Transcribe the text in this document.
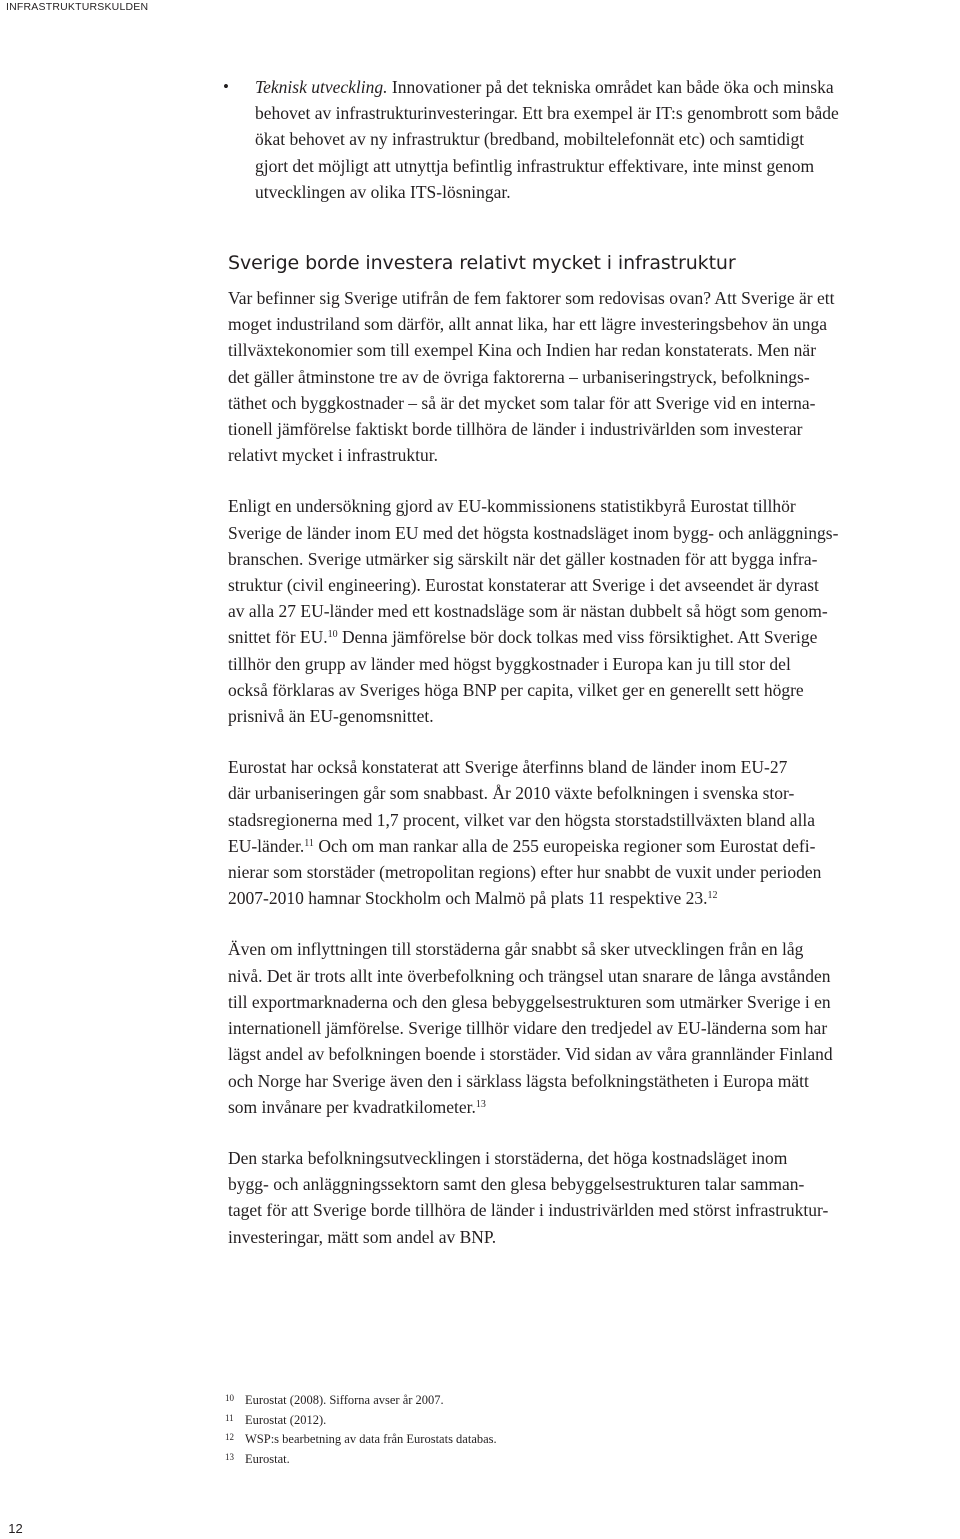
INFRASTRUKTURSKULDEN
•	Teknisk utveckling. Innovationer på det tekniska området kan både öka och minska
behovet av infrastrukturinvesteringar. Ett bra exempel är IT:s genombrott som både
ökat behovet av ny infrastruktur (bredband, mobiltelefonnät etc) och samtidigt
gjort det möjligt att utnyttja befintlig infrastruktur effektivare, inte minst genom
utvecklingen av olika ITS-lösningar.

Sverige borde investera relativt mycket i infrastruktur

Var befinner sig Sverige utifrån de fem faktorer som redovisas ovan? Att Sverige är ett
moget industriland som därför, allt annat lika, har ett lägre investeringsbehov än unga
tillväxtekonomier som till exempel Kina och Indien har redan konstaterats. Men när
det gäller åtminstone tre av de övriga faktorerna – urbaniseringstryck, befolknings-
täthet och byggkostnader – så är det mycket som talar för att Sverige vid en interna-
tionell jämförelse faktiskt borde tillhöra de länder i industrivärlden som investerar
relativt mycket i infrastruktur.

Enligt en undersökning gjord av EU-kommissionens statistikbyrå Eurostat tillhör
Sverige de länder inom EU med det högsta kostnadsläget inom bygg- och anläggnings-
branschen. Sverige utmärker sig särskilt när det gäller kostnaden för att bygga infra-
struktur (civil engineering). Eurostat konstaterar att Sverige i det avseendet är dyrast
av alla 27 EU-länder med ett kostnadsläge som är nästan dubbelt så högt som genom-
snittet för EU.$^{10}$ Denna jämförelse bör dock tolkas med viss försiktighet. Att Sverige
tillhör den grupp av länder med högst byggkostnader i Europa kan ju till stor del
också förklaras av Sveriges höga BNP per capita, vilket ger en generellt sett högre
prisnivå än EU-genomsnittet.

Eurostat har också konstaterat att Sverige återfinns bland de länder inom EU-27
där urbaniseringen går som snabbast. År 2010 växte befolkningen i svenska stor-
stadsregionerna med 1,7 procent, vilket var den högsta storstadstillväxten bland alla
EU-länder.$^{11}$ Och om man rankar alla de 255 europeiska regioner som Eurostat defi-
nierar som storstäder (metropolitan regions) efter hur snabbt de vuxit under perioden
2007-2010 hamnar Stockholm och Malmö på plats 11 respektive 23.12

Även om inflyttningen till storstäderna går snabbt så sker utvecklingen från en låg
nivå. Det är trots allt inte överbefolkning och trängsel utan snarare de långa avstånden
till exportmarknaderna och den glesa bebyggelsestrukturen som utmärker Sverige i en
internationell jämförelse. Sverige tillhör vidare den tredjedel av EU-länderna som har
lägst andel av befolkningen boende i storstäder. Vid sidan av våra grannländer Finland
och Norge har Sverige även den i särklass lägsta befolkningstätheten i Europa mätt
som invånare per kvadratkilometer.$^{13}$

Den starka befolkningsutvecklingen i storstäderna, det höga kostnadsläget inom
bygg- och anläggningssektorn samt den glesa bebyggelsestrukturen talar samman-
taget för att Sverige borde tillhöra de länder i industrivärlden med störst infrastruktur-
investeringar, mätt som andel av BNP.

10 Eurostat (2008). Sifforna avser år 2007.
11 Eurostat (2012).
12 WSP:s bearbetning av data från Eurostats databas.
13 Eurostat.
12
